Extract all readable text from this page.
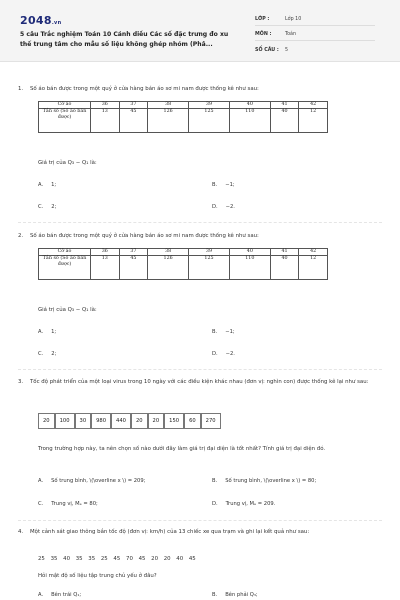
2048.vn
5 câu Trắc nghiệm Toán 10 Cánh diều Các số đặc trưng đo xu thế trung tâm cho mẫu số liệu không ghép nhóm (Phâ...
LỚP :	Lớp 10
MÔN :	Toán
SỐ CÂU : 5
1. Số áo bán được trong một quý ở cửa hàng bán áo sơ mi nam được thống kê như sau:
Cỡ áo	36	37	38	39	40	41	42
Tần số (Số áo bán được)	13	45	126	125	110	40	12
Giá trị của Q₃ − Q₁ là:
A. 1;	B. −1;
C. 2;	D. −2.
2. Số áo bán được trong một quý ở cửa hàng bán áo sơ mi nam được thống kê như sau:
Cỡ áo	36	37	38	39	40	41	42
Tần số (Số áo bán được)	13	45	126	125	110	40	12
Giá trị của Q₃ − Q₁ là:
A. 1;	B. −1;
C. 2;	D. −2.
3. Tốc độ phát triển của một loại virus trong 10 ngày với các điều kiện khác nhau (đơn vị: nghìn con) được thống kê lại như sau:
20	100	30	980	440	20	20	150	60	270
Trong trường hợp này, ta nên chọn số nào dưới đây làm giá trị đại diện là tốt nhất? Tính giá trị đại diện đó.
A. Số trung bình, \(\overline x \) = 209;	B. Số trung bình, \(\overline x \) = 80;
C. Trung vị, Mₑ = 80;	D. Trung vị, Mₑ = 209.
4. Một cảnh sát giao thông bắn tốc độ (đơn vị: km/h) của 13 chiếc xe qua trạm và ghi lại kết quả như sau:
25 35 40 35 35 25 45 70 45 20 20 40 45
Hỏi mật độ số liệu tập trung chủ yếu ở đâu?
A. Bên trái Q₁;	B. Bên phải Q₃;
